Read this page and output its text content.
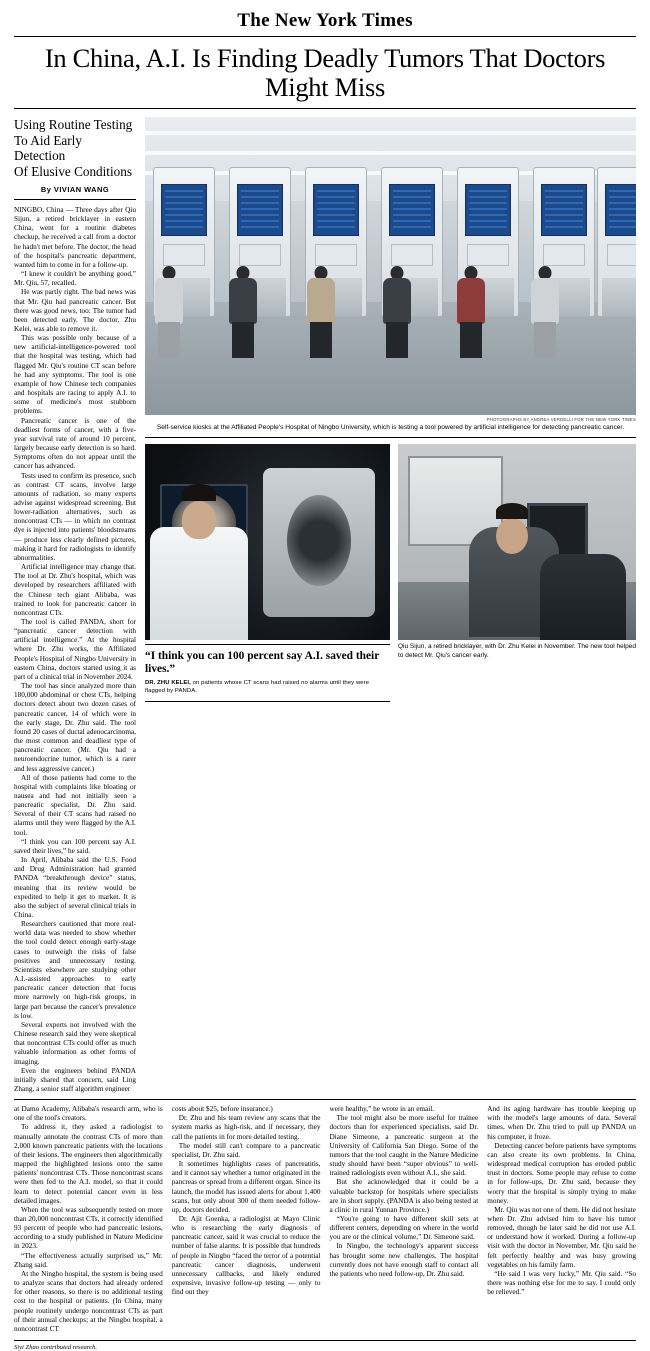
The New York Times
In China, A.I. Is Finding Deadly Tumors That Doctors Might Miss
Using Routine Testing
To Aid Early Detection
Of Elusive Conditions
By VIVIAN WANG

NINGBO, China — Three days after Qiu Sijun, a retired bricklayer in eastern China, went for a routine diabetes checkup, he received a call from a doctor he hadn't met before. The doctor, the head of the hospital's pancreatic department, wanted him to come in for a follow-up.

“I knew it couldn't be anything good,” Mr. Qiu, 57, recalled.

He was partly right. The bad news was that Mr. Qiu had pancreatic cancer. But there was good news, too: The tumor had been detected early. The doctor, Zhu Kelei, was able to remove it.

This was possible only because of a new artificial-intelligence-powered tool that the hospital was testing, which had flagged Mr. Qiu's routine CT scan before he had any symptoms. The tool is one example of how Chinese tech companies and hospitals are racing to apply A.I. to some of medicine's most stubborn problems.

Pancreatic cancer is one of the deadliest forms of cancer, with a five-year survival rate of around 10 percent, largely because early detection is so hard. Symptoms often do not appear until the cancer has advanced.

Tests used to confirm its presence, such as contrast CT scans, involve large amounts of radiation, so many experts advise against widespread screening. But lower-radiation alternatives, such as noncontrast CTs — in which no contrast dye is injected into patients' bloodstreams — produce less clearly defined pictures, making it hard for radiologists to identify abnormalities.

Artificial intelligence may change that. The tool at Dr. Zhu's hospital, which was developed by researchers affiliated with the Chinese tech giant Alibaba, was trained to look for pancreatic cancer in noncontrast CTs.

The tool is called PANDA, short for “pancreatic cancer detection with artificial intelligence.” At the hospital where Dr. Zhu works, the Affiliated People's Hospital of Ningbo University in eastern China, doctors started using it as part of a clinical trial in November 2024.

The tool has since analyzed more than 180,000 abdominal or chest CTs, helping doctors detect about two dozen cases of pancreatic cancer, 14 of which were in the early stage, Dr. Zhu said. The tool found 20 cases of ductal adenocarcinoma, the most common and deadliest type of pancreatic cancer. (Mr. Qiu had a neuroendocrine tumor, which is a rarer and less aggressive cancer.)

All of those patients had come to the hospital with complaints like bloating or nausea and had not initially seen a pancreatic specialist, Dr. Zhu said. Several of their CT scans had raised no alarms until they were flagged by the A.I. tool.

“I think you can 100 percent say A.I. saved their lives,” he said.

In April, Alibaba said the U.S. Food and Drug Administration had granted PANDA “breakthrough device” status, meaning that its review would be expedited to help it get to market. It is also the subject of several clinical trials in China.

Researchers cautioned that more real-world data was needed to show whether the tool could detect enough early-stage cases to outweigh the risks of false positives and unnecessary testing. Scientists elsewhere are studying other A.I.-assisted approaches to early pancreatic cancer detection that focus more narrowly on high-risk groups, in large part because the cancer's prevalence is low.

Several experts not involved with the Chinese research said they were skeptical that noncontrast CTs could offer as much valuable information as other forms of imaging.

Even the engineers behind PANDA initially shared that concern, said Ling Zhang, a senior staff algorithm engineer

PHOTOGRAPHS BY ANDREA VERDELLI FOR THE NEW YORK TIMES
Self-service kiosks at the Affiliated People's Hospital of Ningbo University, which is testing a tool powered by artificial intelligence for detecting pancreatic cancer.
“I think you can 100 percent say A.I. saved their lives.”
DR. ZHU KELEI, on patients whose CT scans had raised no alarms until they were flagged by PANDA.
Qiu Sijun, a retired bricklayer, with Dr. Zhu Kelei in November. The new tool helped to detect Mr. Qiu's cancer early.

at Damo Academy, Alibaba's research arm, who is one of the tool's creators.

To address it, they asked a radiologist to manually annotate the contrast CTs of more than 2,000 known pancreatic patients with the locations of their lesions. The engineers then algorithmically mapped the highlighted lesions onto the same patients' noncontrast CTs. Those noncontrast scans were then fed to the A.I. model, so that it could learn to detect potential cancer even in less detailed images.

When the tool was subsequently tested on more than 20,000 noncontrast CTs, it correctly identified 93 percent of people who had pancreatic lesions, according to a study published in Nature Medicine in 2023.

“The effectiveness actually surprised us,” Mr. Zhang said.

At the Ningbo hospital, the system is being used to analyze scans that doctors had already ordered for other reasons, so there is no additional testing cost to the hospital or patients. (In China, many people routinely undergo noncontrast CTs as part of their annual checkups; at the Ningbo hospital, a noncontrast CT

costs about $25, before insurance.)

Dr. Zhu and his team review any scans that the system marks as high-risk, and if necessary, they call the patients in for more detailed testing.

The model still can't compare to a pancreatic specialist, Dr. Zhu said.

It sometimes highlights cases of pancreatitis, and it cannot say whether a tumor originated in the pancreas or spread from a different organ. Since its launch, the model has issued alerts for about 1,400 scans, but only about 300 of them needed follow-up, doctors decided.

Dr. Ajit Goenka, a radiologist at Mayo Clinic who is researching the early diagnosis of pancreatic cancer, said it was crucial to reduce the number of false alarms. It is possible that hundreds of people in Ningbo “faced the terror of a potential pancreatic cancer diagnosis, underwent unnecessary callbacks, and likely endured expensive, invasive follow-up testing — only to find out they

were healthy,” he wrote in an email.

The tool might also be more useful for trainee doctors than for experienced specialists, said Dr. Diane Simeone, a pancreatic surgeon at the University of California San Diego. Some of the tumors that the tool caught in the Nature Medicine study should have been “super obvious” to well-trained radiologists even without A.I., she said.

But she acknowledged that it could be a valuable backstop for hospitals where specialists are in short supply. (PANDA is also being tested at a clinic in rural Yunnan Province.)

“You're going to have different skill sets at different centers, depending on where in the world you are or the clinical volume,” Dr. Simeone said.

In Ningbo, the technology's apparent success has brought some new challenges. The hospital currently does not have enough staff to contact all the patients who need follow-up, Dr. Zhu said.

And its aging hardware has trouble keeping up with the model's large amounts of data. Several times, when Dr. Zhu tried to pull up PANDA on his computer, it froze.

Detecting cancer before patients have symptoms can also create its own problems. In China, widespread medical corruption has eroded public trust in doctors. Some people may refuse to come in for follow-ups, Dr. Zhu said, because they worry that the hospital is simply trying to make money.

Mr. Qiu was not one of them. He did not hesitate when Dr. Zhu advised him to have his tumor removed, though he later said he did not use A.I. or understand how it worked. During a follow-up visit with the doctor in November, Mr. Qiu said he felt perfectly healthy and was busy growing vegetables on his family farm.

“He said I was very lucky,” Mr. Qiu said. “So there was nothing else for me to say. I could only be relieved.”

Siyi Zhao contributed research.
